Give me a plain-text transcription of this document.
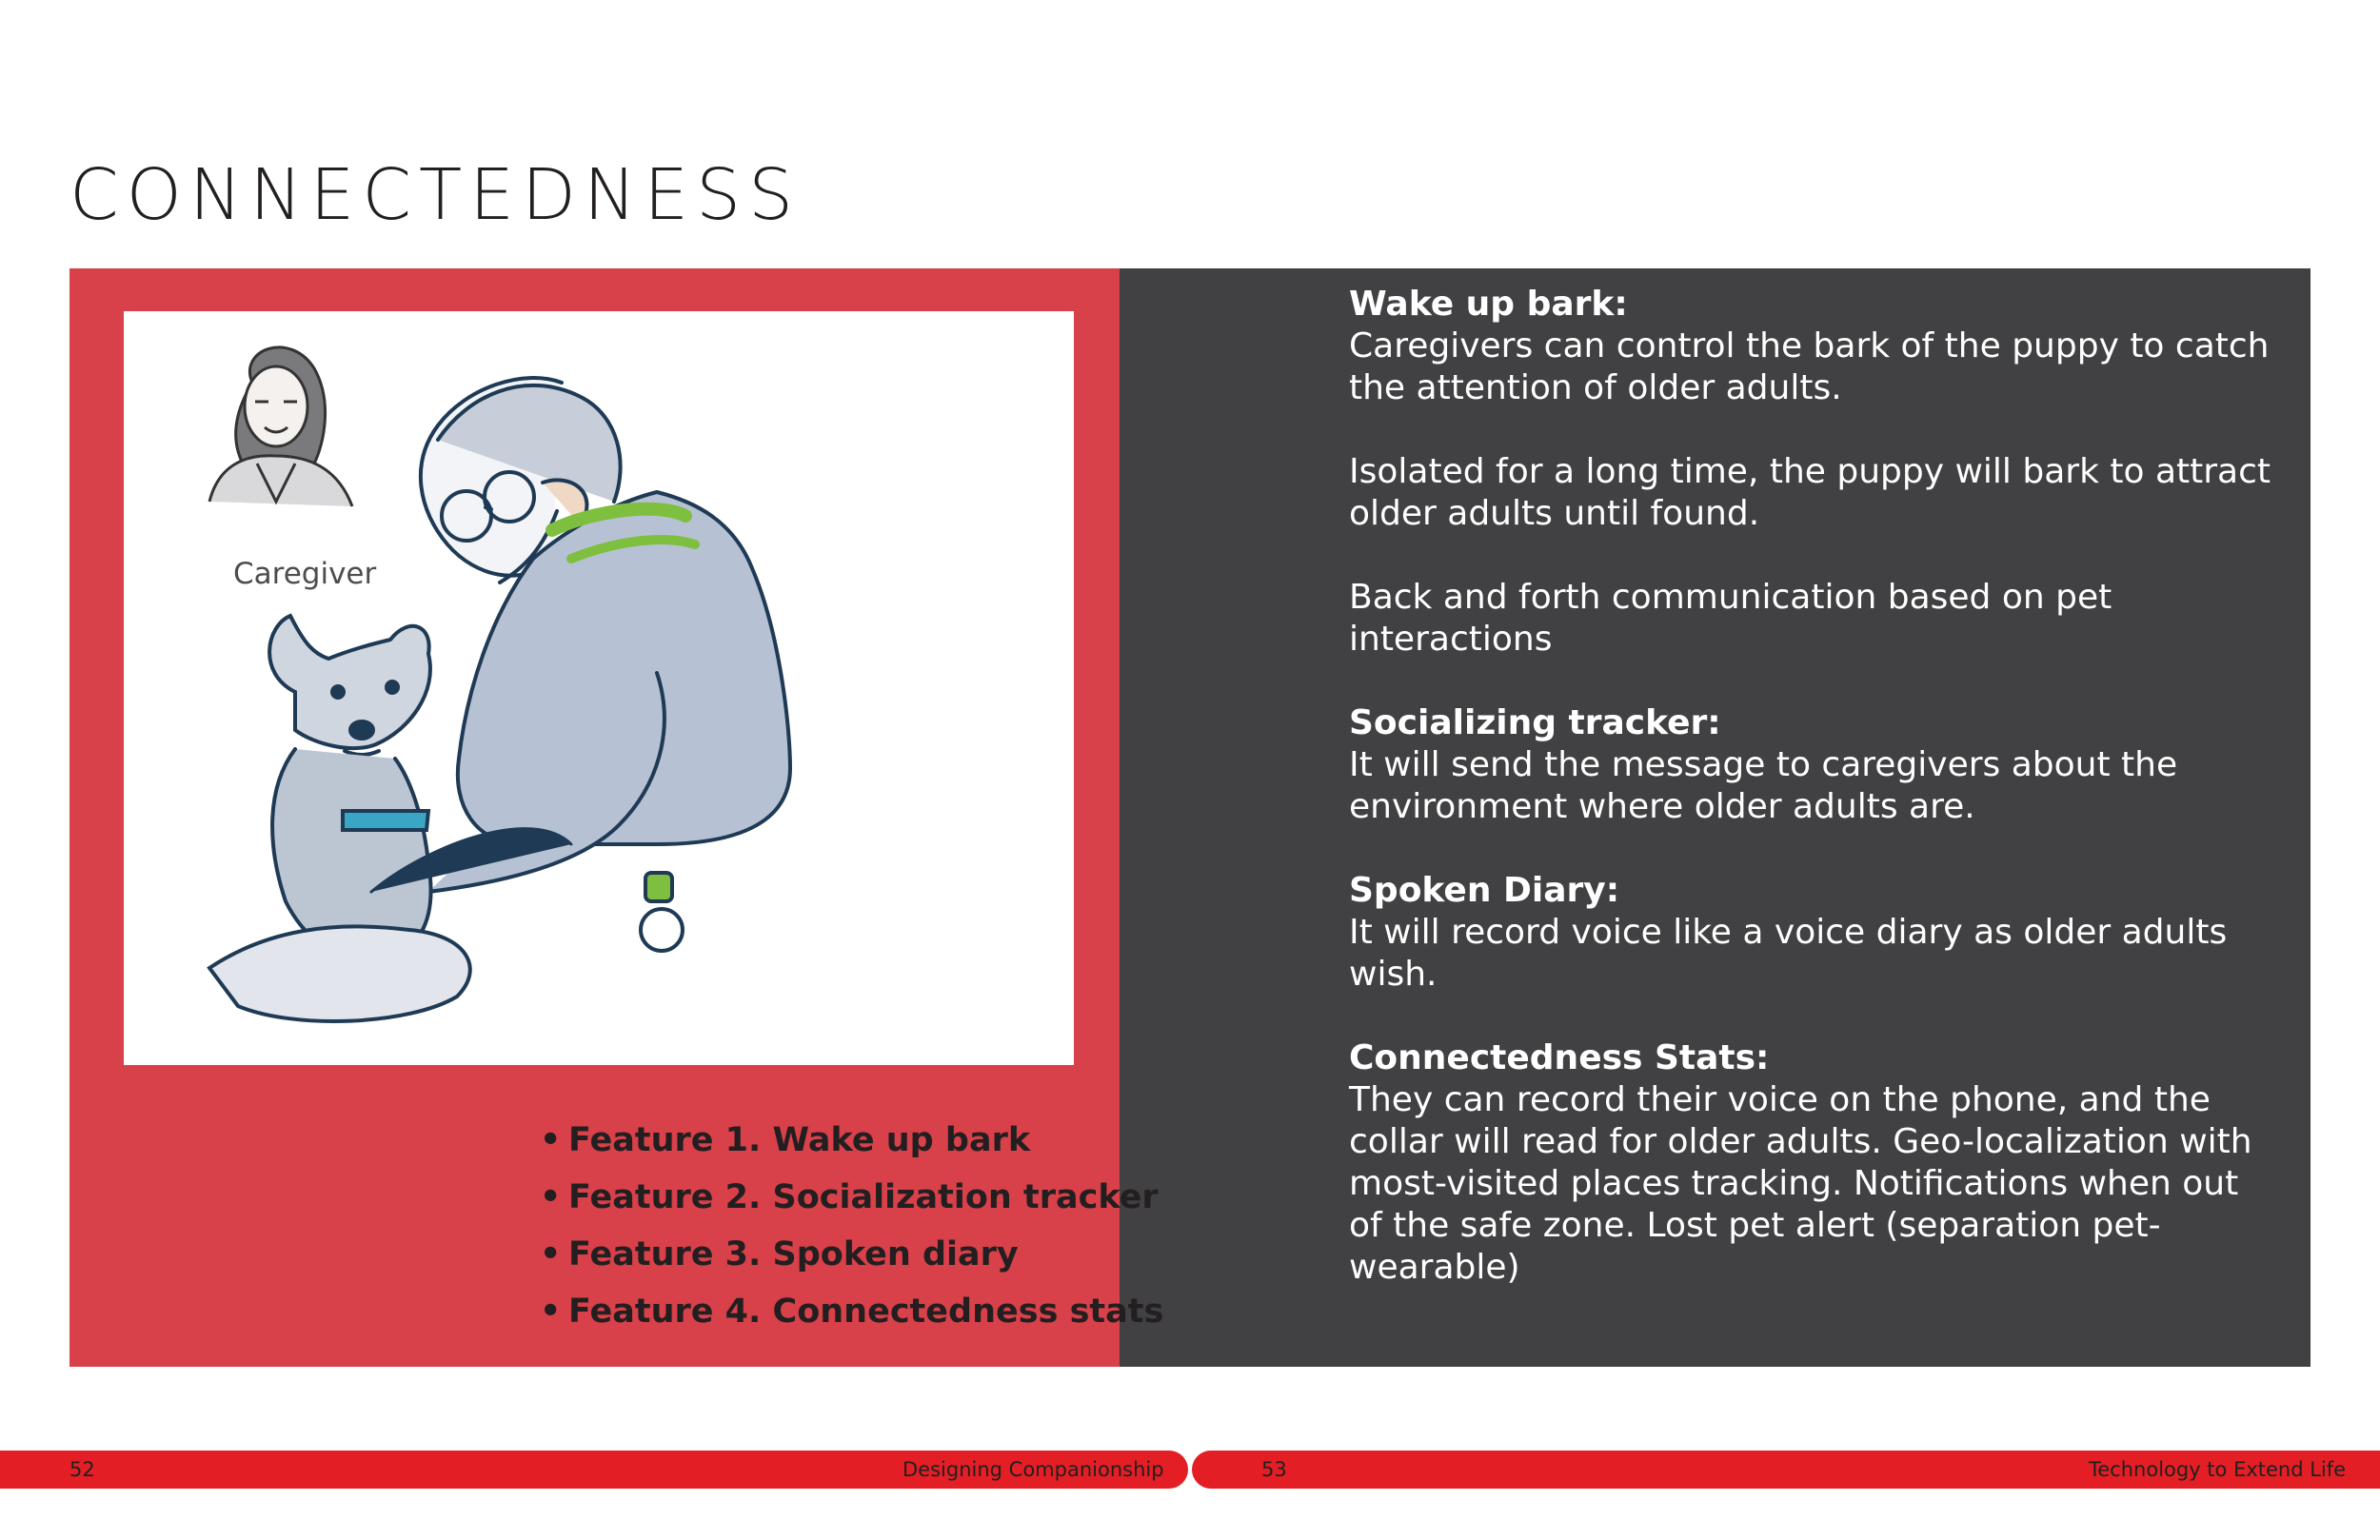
CONNECTEDNESS
Caregiver
• Feature 1. Wake up bark
• Feature 2. Socialization tracker
• Feature 3. Spoken diary
• Feature 4. Connectedness stats
Wake up bark:

Caregivers can control the bark of the puppy to catch the attention of older adults.

Isolated for a long time, the puppy will bark to attract older adults until found.

Back and forth communication based on pet interactions

Socializing tracker:

It will send the message to caregivers about the environment where older adults are.

Spoken Diary:

It will record voice like a voice diary as older adults wish.

Connectedness Stats:

They can record their voice on the phone, and the collar will read for older adults. Geo-localization with most-visited places tracking. Notifications when out of the safe zone. Lost pet alert (separation pet-wearable)

52	Designing Companionship	53	Technology to Extend Life
